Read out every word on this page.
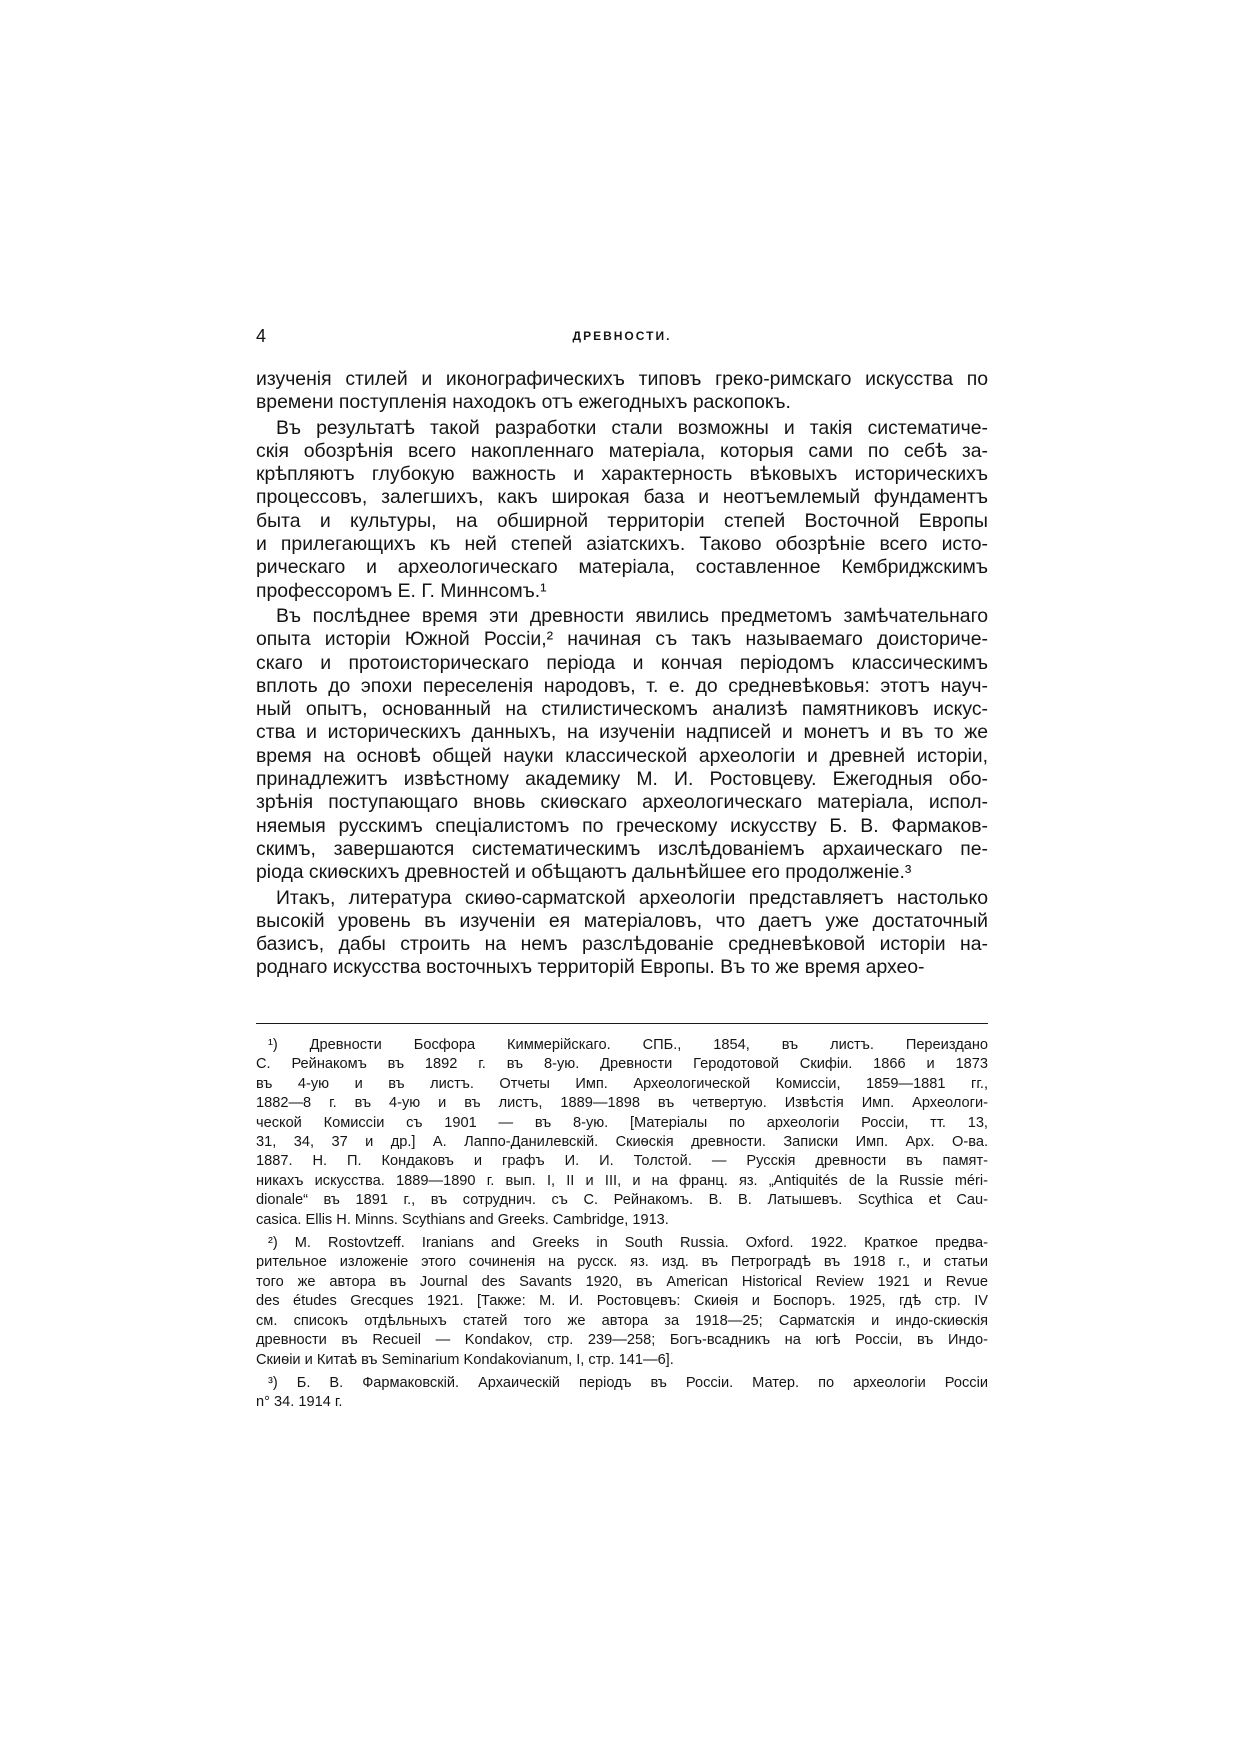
4	ДРЕВНОСТИ.
изученія стилей и иконографическихъ типовъ греко-римскаго искусства по
времени поступленія находокъ отъ ежегодныхъ раскопокъ.
Въ результатѣ такой разработки стали возможны и такія систематиче-
скія обозрѣнія всего накопленнаго матеріала, которыя сами по себѣ за-
крѣпляютъ глубокую важность и характерность вѣковыхъ историческихъ
процессовъ, залегшихъ, какъ широкая база и неотъемлемый фундаментъ
быта и культуры, на обширной территоріи степей Восточной Европы
и прилегающихъ къ ней степей азіатскихъ. Таково обозрѣніе всего исто-
рическаго и археологическаго матеріала, составленное Кембриджскимъ
профессоромъ Е. Г. Миннсомъ.¹
Въ послѣднее время эти древности явились предметомъ замѣчательнаго
опыта исторіи Южной Россіи,² начиная съ такъ называемаго доисториче-
скаго и протоисторическаго періода и кончая періодомъ классическимъ
вплоть до эпохи переселенія народовъ, т. е. до средневѣковья: этотъ науч-
ный опытъ, основанный на стилистическомъ анализѣ памятниковъ искус-
ства и историческихъ данныхъ, на изученіи надписей и монетъ и въ то же
время на основѣ общей науки классической археологіи и древней исторіи,
принадлежитъ извѣстному академику М. И. Ростовцеву. Ежегодныя обо-
зрѣнія поступающаго вновь скиѳскаго археологическаго матеріала, испол-
няемыя русскимъ спеціалистомъ по греческому искусству Б. В. Фармаков-
скимъ, завершаются систематическимъ изслѣдованіемъ архаическаго пе-
ріода скиѳскихъ древностей и обѣщаютъ дальнѣйшее его продолженіе.³
Итакъ, литература скиѳо-сарматской археологіи представляетъ настолько
высокій уровень въ изученіи ея матеріаловъ, что даетъ уже достаточный
базисъ, дабы строить на немъ разслѣдованіе средневѣковой исторіи на-
роднаго искусства восточныхъ территорій Европы. Въ то же время архео-
¹) Древности Босфора Киммерійскаго. СПБ., 1854, въ листъ. Переиздано
С. Рейнакомъ въ 1892 г. въ 8-ую. Древности Геродотовой Скифіи. 1866 и 1873
въ 4-ую и въ листъ. Отчеты Имп. Археологической Комиссіи, 1859—1881 гг.,
1882—8 г. въ 4-ую и въ листъ, 1889—1898 въ четвертую. Извѣстія Имп. Археологи-
ческой Комиссіи съ 1901 — въ 8-ую. [Матеріалы по археологіи Россіи, тт. 13,
31, 34, 37 и др.] А. Лаппо-Данилевскій. Скиѳскія древности. Записки Имп. Арх. О-ва.
1887. Н. П. Кондаковъ и графъ И. И. Толстой. — Русскія древности въ памят-
никахъ искусства. 1889—1890 г. вып. I, II и III, и на франц. яз. „Antiquités de la Russie méri-
dionale“ въ 1891 г., въ сотруднич. съ С. Рейнакомъ. В. В. Латышевъ. Scythica et Cau-
casica. Ellis H. Minns. Scythians and Greeks. Cambridge, 1913.
²) M. Rostovtzeff. Iranians and Greeks in South Russia. Oxford. 1922. Краткое предва-
рительное изложеніе этого сочиненія на русск. яз. изд. въ Петроградѣ въ 1918 г., и статьи
того же автора въ Journal des Savants 1920, въ American Historical Review 1921 и Revue
des études Grecques 1921. [Также: М. И. Ростовцевъ: Скиѳія и Боспоръ. 1925, гдѣ стр. IV
см. списокъ отдѣльныхъ статей того же автора за 1918—25; Сарматскія и индо-скиѳскія
древности въ Recueil — Kondakov, стр. 239—258; Богъ-всадникъ на югѣ Россіи, въ Индо-
Скиѳіи и Китаѣ въ Seminarium Kondakovianum, I, стр. 141—6].
³) Б. В. Фармаковскій. Архаическій періодъ въ Россіи. Матер. по археологіи Россіи
n° 34. 1914 г.
